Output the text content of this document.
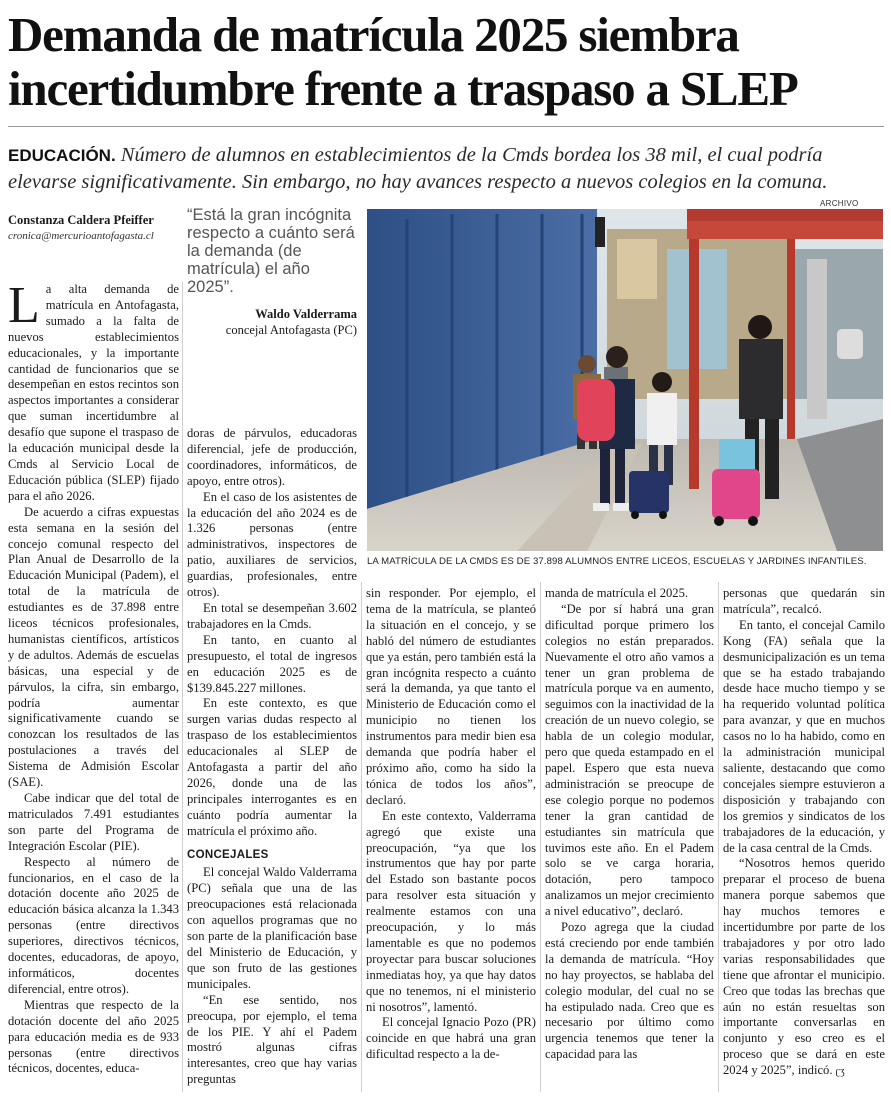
Demanda de matrícula 2025 siembra incertidumbre frente a traspaso a SLEP
EDUCACIÓN. Número de alumnos en establecimientos de la Cmds bordea los 38 mil, el cual podría elevarse significativamente. Sin embargo, no hay avances respecto a nuevos colegios en la comuna.
Constanza Caldera Pfeiffer
cronica@mercurioantofagasta.cl
“Está la gran incógnita respecto a cuánto será la demanda (de matrícula) el año 2025”.
Waldo Valderrama
concejal Antofagasta (PC)
ARCHIVO
LA MATRÍCULA DE LA CMDS ES DE 37.898 ALUMNOS ENTRE LICEOS, ESCUELAS Y JARDINES INFANTILES.

La alta demanda de matrícula en Antofagasta, sumado a la falta de nuevos establecimientos educacionales, y la importante cantidad de funcionarios que se desempeñan en estos recintos son aspectos importantes a considerar que suman incertidumbre al desafío que supone el traspaso de la educación municipal desde la Cmds al Servicio Local de Educación pública (SLEP) fijado para el año 2026.

De acuerdo a cifras expuestas esta semana en la sesión del concejo comunal respecto del Plan Anual de Desarrollo de la Educación Municipal (Padem), el total de la matrícula de estudiantes es de 37.898 entre liceos técnicos profesionales, humanistas científicos, artísticos y de adultos. Además de escuelas básicas, una especial y de párvulos, la cifra, sin embargo, podría aumentar significativamente cuando se conozcan los resultados de las postulaciones a través del Sistema de Admisión Escolar (SAE).

Cabe indicar que del total de matriculados 7.491 estudiantes son parte del Programa de Integración Escolar (PIE).

Respecto al número de funcionarios, en el caso de la dotación docente año 2025 de educación básica alcanza la 1.343 personas (entre directivos superiores, directivos técnicos, docentes, educadoras, de apoyo, informáticos, docentes diferencial, entre otros).

Mientras que respecto de la dotación docente del año 2025 para educación media es de 933 personas (entre directivos técnicos, docentes, educa-

doras de párvulos, educadoras diferencial, jefe de producción, coordinadores, informáticos, de apoyo, entre otros).

En el caso de los asistentes de la educación del año 2024 es de 1.326 personas (entre administrativos, inspectores de patio, auxiliares de servicios, guardias, profesionales, entre otros).

En total se desempeñan 3.602 trabajadores en la Cmds.

En tanto, en cuanto al presupuesto, el total de ingresos en educación 2025 es de $139.845.227 millones.

En este contexto, es que surgen varias dudas respecto al traspaso de los establecimientos educacionales al SLEP de Antofagasta a partir del año 2026, donde una de las principales interrogantes es en cuánto podría aumentar la matrícula el próximo año.

CONCEJALES

El concejal Waldo Valderrama (PC) señala que una de las preocupaciones está relacionada con aquellos programas que no son parte de la planificación base del Ministerio de Educación, y que son fruto de las gestiones municipales.

“En ese sentido, nos preocupa, por ejemplo, el tema de los PIE. Y ahí el Padem mostró algunas cifras interesantes, creo que hay varias preguntas

sin responder. Por ejemplo, el tema de la matrícula, se planteó la situación en el concejo, y se habló del número de estudiantes que ya están, pero también está la gran incógnita respecto a cuánto será la demanda, ya que tanto el Ministerio de Educación como el municipio no tienen los instrumentos para medir bien esa demanda que podría haber el próximo año, como ha sido la tónica de todos los años”, declaró.

En este contexto, Valderrama agregó que existe una preocupación, “ya que los instrumentos que hay por parte del Estado son bastante pocos para resolver esta situación y realmente estamos con una preocupación, y lo más lamentable es que no podemos proyectar para buscar soluciones inmediatas hoy, ya que hay datos que no tenemos, ni el ministerio ni nosotros”, lamentó.

El concejal Ignacio Pozo (PR) coincide en que habrá una gran dificultad respecto a la de-

manda de matrícula el 2025.

“De por sí habrá una gran dificultad porque primero los colegios no están preparados. Nuevamente el otro año vamos a tener un gran problema de matrícula porque va en aumento, seguimos con la inactividad de la creación de un nuevo colegio, se habla de un colegio modular, pero que queda estampado en el papel. Espero que esta nueva administración se preocupe de ese colegio porque no podemos tener la gran cantidad de estudiantes sin matrícula que tuvimos este año. En el Padem solo se ve carga horaria, dotación, pero tampoco analizamos un mejor crecimiento a nivel educativo”, declaró.

Pozo agrega que la ciudad está creciendo por ende también la demanda de matrícula. “Hoy no hay proyectos, se hablaba del colegio modular, del cual no se ha estipulado nada. Creo que es necesario por último como urgencia tenemos que tener la capacidad para las

personas que quedarán sin matrícula”, recalcó.

En tanto, el concejal Camilo Kong (FA) señala que la desmunicipalización es un tema que se ha estado trabajando desde hace mucho tiempo y se ha requerido voluntad política para avanzar, y que en muchos casos no lo ha habido, como en la administración municipal saliente, destacando que como concejales siempre estuvieron a disposición y trabajando con los gremios y sindicatos de los trabajadores de la educación, y de la casa central de la Cmds.

“Nosotros hemos querido preparar el proceso de buena manera porque sabemos que hay muchos temores e incertidumbre por parte de los trabajadores y por otro lado varias responsabilidades que tiene que afrontar el municipio. Creo que todas las brechas que aún no están resueltas son importante conversarlas en conjunto y eso creo es el proceso que se dará en este 2024 y 2025”, indicó. ʗʒ
